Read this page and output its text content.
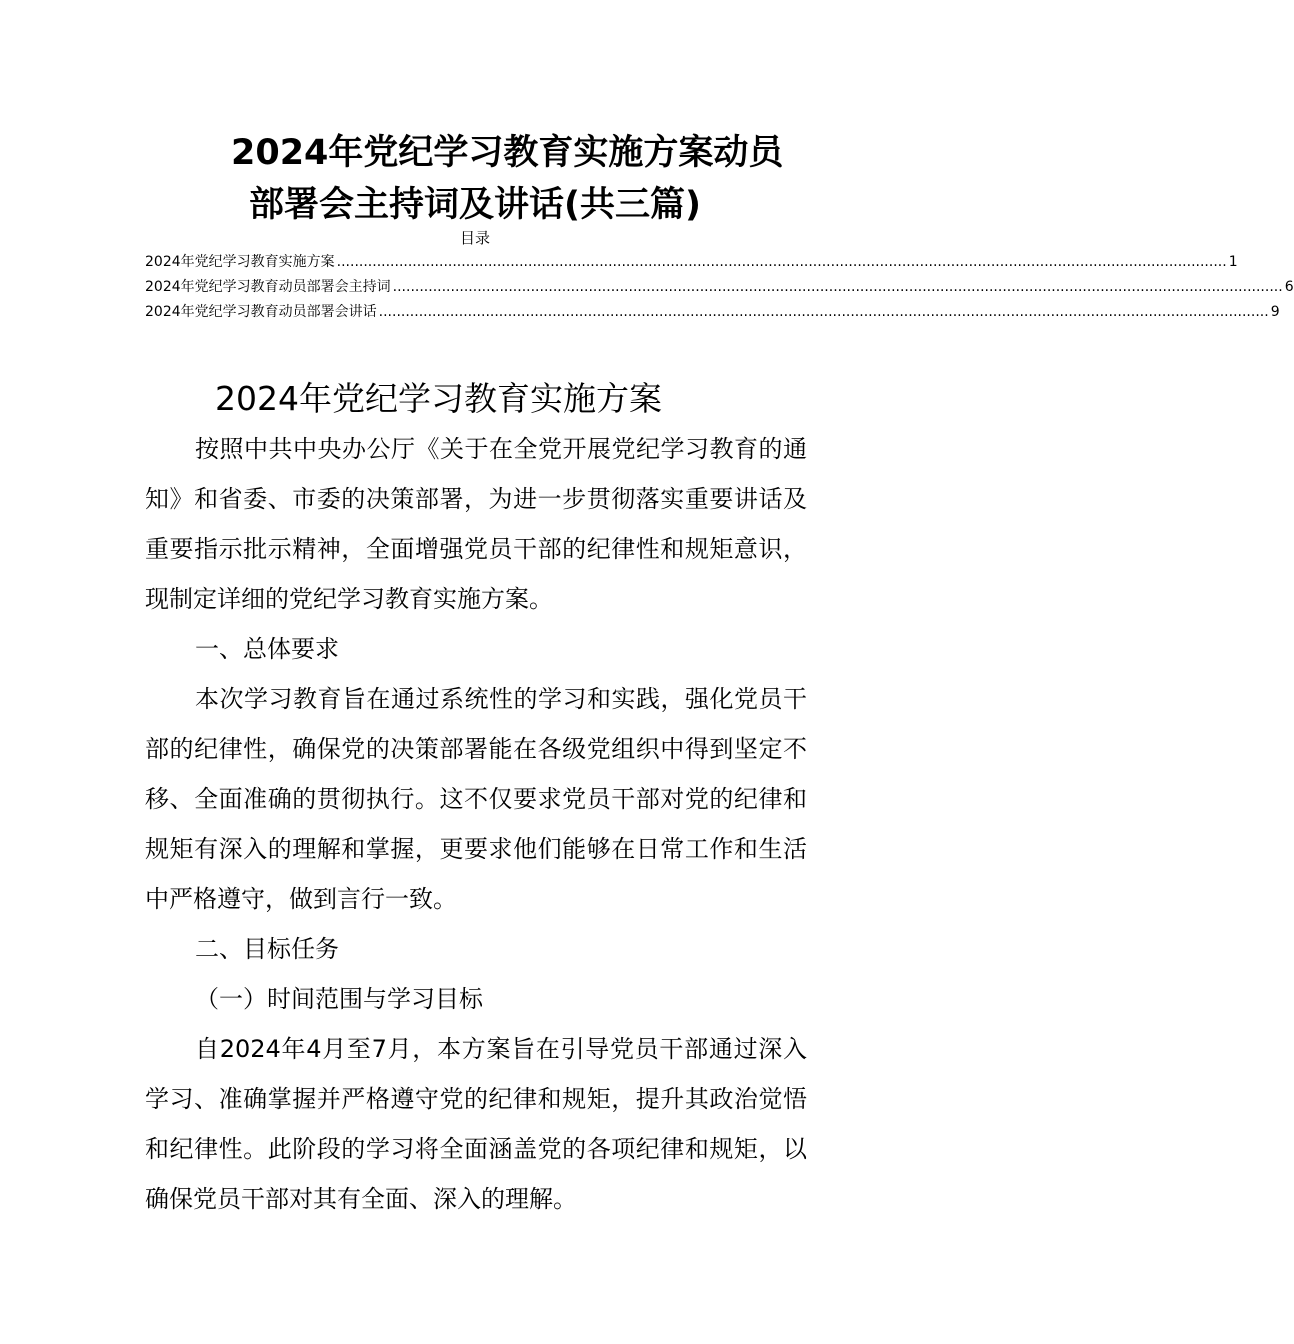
2024年党纪学习教育实施方案动员
部署会主持词及讲话(共三篇)
目录
2024年党纪学习教育实施方案 ........................................................................................................................................................................................................ 1
2024年党纪学习教育动员部署会主持词 ........................................................................................................................................................................................................ 6
2024年党纪学习教育动员部署会讲话 ........................................................................................................................................................................................................ 9
2024年党纪学习教育实施方案

按照中共中央办公厅《关于在全党开展党纪学习教育的通知》和省委、市委的决策部署，为进一步贯彻落实重要讲话及重要指示批示精神，全面增强党员干部的纪律性和规矩意识，现制定详细的党纪学习教育实施方案。

一、总体要求

本次学习教育旨在通过系统性的学习和实践，强化党员干部的纪律性，确保党的决策部署能在各级党组织中得到坚定不移、全面准确的贯彻执行。这不仅要求党员干部对党的纪律和规矩有深入的理解和掌握，更要求他们能够在日常工作和生活中严格遵守，做到言行一致。

二、目标任务

（一）时间范围与学习目标

自2024年4月至7月，本方案旨在引导党员干部通过深入学习、准确掌握并严格遵守党的纪律和规矩，提升其政治觉悟和纪律性。此阶段的学习将全面涵盖党的各项纪律和规矩，以确保党员干部对其有全面、深入的理解。
